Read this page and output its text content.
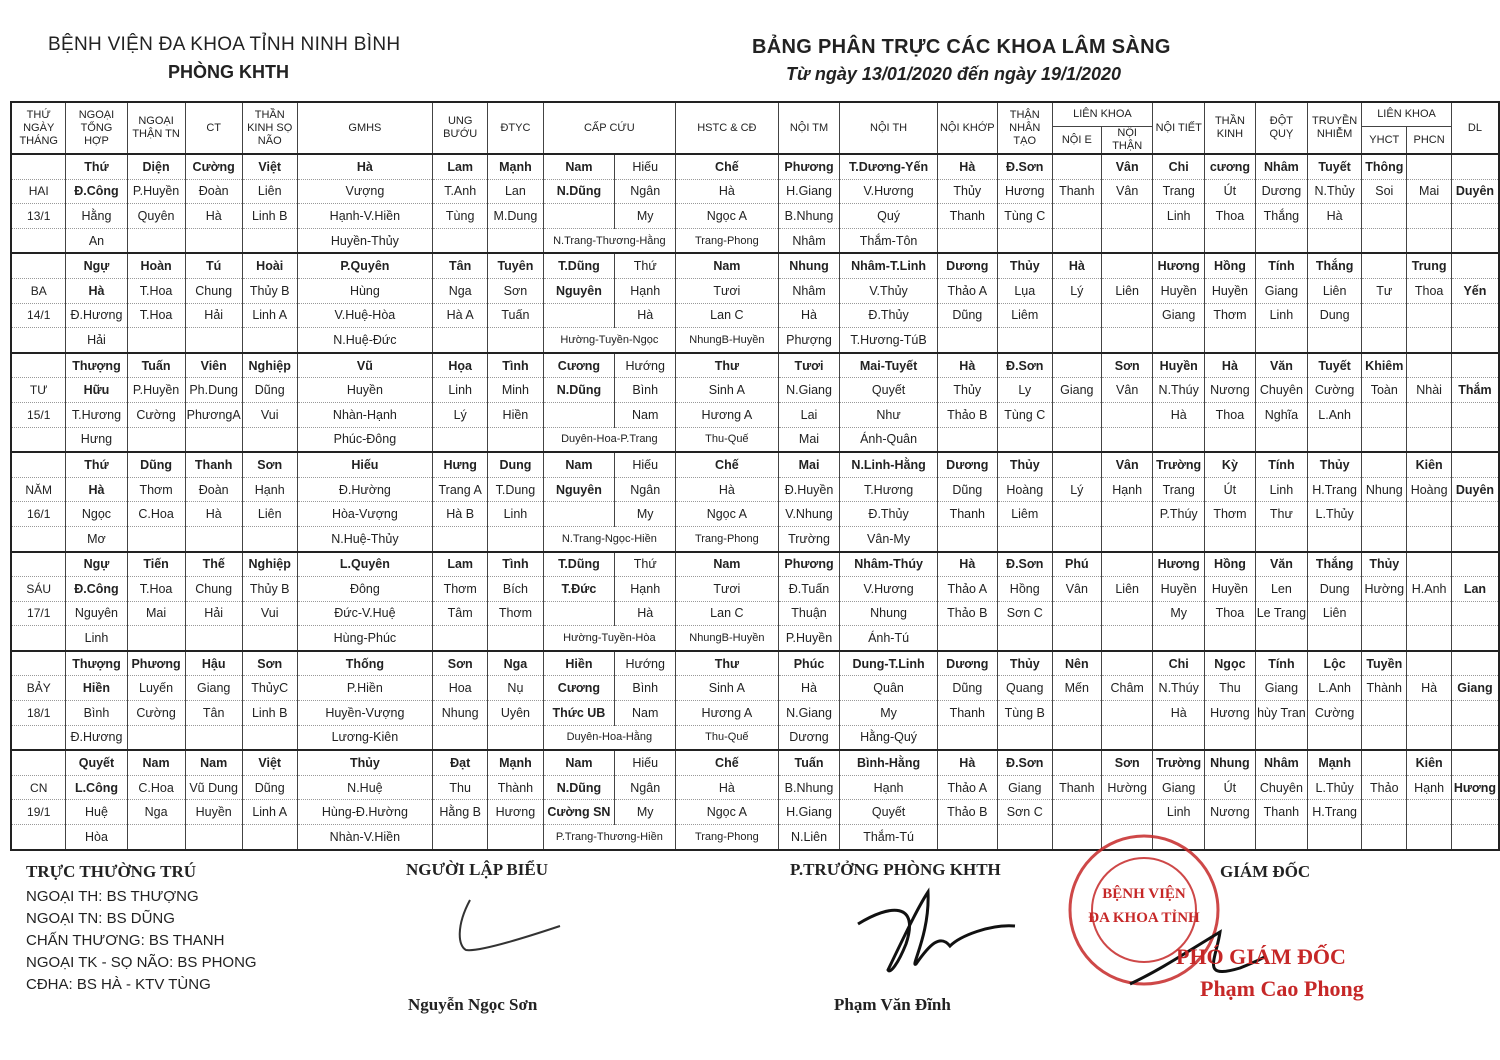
BỆNH VIỆN ĐA KHOA TỈNH NINH BÌNH
PHÒNG KHTH
BẢNG PHÂN TRỰC CÁC KHOA LÂM SÀNG
Từ ngày 13/01/2020 đến ngày 19/1/2020
THỨ NGÀY THÁNG	NGOẠI TỔNG HỢP	NGOẠI THẬN TN	CT	THẦN KINH SỌ NÃO	GMHS	UNG BƯỚU	ĐTYC	CẤP CỨU		HSTC & CĐ	NỘI TM	NỘI TH	NỘI KHỚP	THẬN NHÂN TẠO	LIÊN KHOA		NỘI TIẾT	THẦN KINH	ĐỘT QUỴ	TRUYỀN NHIỄM	LIÊN KHOA		DL
															NỘI E	NỘI THẬN					YHCT	PHCN	
	Thứ	Diện	Cường	Việt	Hà	Lam	Mạnh	Nam	Hiếu	Chế	Phương	T.Dương-Yến	Hà	Đ.Sơn		Vân	Chi	cương	Nhâm	Tuyết	Thông		
HAI	Đ.Công	P.Huyền	Đoàn	Liên	Vượng	T.Anh	Lan	N.Dũng	Ngân	Hà	H.Giang	V.Hương	Thủy	Hương	Thanh	Vân	Trang	Út	Dương	N.Thủy	Soi	Mai	Duyên
13/1	Hằng	Quyên	Hà	Linh B	Hạnh-V.Hiền	Tùng	M.Dung		My	Ngọc A	B.Nhung	Quý	Thanh	Tùng C			Linh	Thoa	Thắng	Hà			
	An				Huyền-Thủy			N.Trang-Thương-Hằng		Trang-Phong	Nhâm	Thắm-Tôn											
	Ngự	Hoàn	Tú	Hoài	P.Quyên	Tân	Tuyên	T.Dũng	Thứ	Nam	Nhung	Nhâm-T.Linh	Dương	Thủy	Hà		Hương	Hồng	Tính	Thắng		Trung	
BA	Hà	T.Hoa	Chung	Thủy B	Hùng	Nga	Sơn	Nguyên	Hạnh	Tươi	Nhâm	V.Thủy	Thảo A	Lụa	Lý	Liên	Huyền	Huyền	Giang	Liên	Tư	Thoa	Yến
14/1	Đ.Hương	T.Hoa	Hải	Linh A	V.Huệ-Hòa	Hà A	Tuấn		Hà	Lan C	Hà	Đ.Thủy	Dũng	Liêm			Giang	Thơm	Linh	Dung			
	Hải				N.Huệ-Đức			Hường-Tuyền-Ngọc		NhungB-Huyền	Phượng	T.Hương-TúB											
	Thượng	Tuấn	Viên	Nghiệp	Vũ	Họa	Tình	Cương	Hướng	Thư	Tươi	Mai-Tuyết	Hà	Đ.Sơn		Sơn	Huyền	Hà	Văn	Tuyết	Khiêm		
TƯ	Hữu	P.Huyền	Ph.Dung	Dũng	Huyền	Linh	Minh	N.Dũng	Bình	Sinh A	N.Giang	Quyết	Thủy	Ly	Giang	Vân	N.Thúy	Nương	Chuyên	Cường	Toàn	Nhài	Thắm
15/1	T.Hương	Cường	PhươngA	Vui	Nhàn-Hạnh	Lý	Hiền		Nam	Hương A	Lai	Như	Thảo B	Tùng C			Hà	Thoa	Nghĩa	L.Anh			
	Hưng				Phúc-Đông			Duyên-Hoa-P.Trang		Thu-Quế	Mai	Ánh-Quân											
	Thứ	Dũng	Thanh	Sơn	Hiếu	Hưng	Dung	Nam	Hiếu	Chế	Mai	N.Linh-Hằng	Dương	Thủy		Vân	Trường	Kỳ	Tính	Thủy		Kiên	
NĂM	Hà	Thơm	Đoàn	Hạnh	Đ.Hường	Trang A	T.Dung	Nguyên	Ngân	Hà	Đ.Huyền	T.Hương	Dũng	Hoàng	Lý	Hạnh	Trang	Út	Linh	H.Trang	Nhung	Hoàng	Duyên
16/1	Ngọc	C.Hoa	Hà	Liên	Hòa-Vượng	Hà B	Linh		My	Ngọc A	V.Nhung	Đ.Thủy	Thanh	Liêm			P.Thúy	Thơm	Thư	L.Thủy			
	Mơ				N.Huệ-Thủy			N.Trang-Ngọc-Hiền		Trang-Phong	Trường	Vân-My											
	Ngự	Tiến	Thế	Nghiệp	L.Quyên	Lam	Tình	T.Dũng	Thứ	Nam	Phương	Nhâm-Thúy	Hà	Đ.Sơn	Phú		Hương	Hồng	Văn	Thắng	Thủy		
SÁU	Đ.Công	T.Hoa	Chung	Thủy B	Đông	Thơm	Bích	T.Đức	Hạnh	Tươi	Đ.Tuấn	V.Hương	Thảo A	Hồng	Vân	Liên	Huyền	Huyền	Len	Dung	Hường	H.Anh	Lan
17/1	Nguyên	Mai	Hải	Vui	Đức-V.Huệ	Tâm	Thơm		Hà	Lan C	Thuận	Nhung	Thảo B	Sơn C			My	Thoa	Le Trang	Liên			
	Linh				Hùng-Phúc			Hường-Tuyền-Hòa		NhungB-Huyền	P.Huyền	Ánh-Tú											
	Thượng	Phương	Hậu	Sơn	Thống	Sơn	Nga	Hiền	Hướng	Thư	Phúc	Dung-T.Linh	Dương	Thủy	Nên		Chi	Ngọc	Tính	Lộc	Tuyền		
BẢY	Hiền	Luyến	Giang	ThủyC	P.Hiền	Hoa	Nụ	Cương	Bình	Sinh A	Hà	Quân	Dũng	Quang	Mến	Châm	N.Thúy	Thu	Giang	L.Anh	Thành	Hà	Giang
18/1	Bình	Cường	Tân	Linh B	Huyền-Vượng	Nhung	Uyên	Thức UB	Nam	Hương A	N.Giang	My	Thanh	Tùng B			Hà	Hương	hùy Tran	Cường			
	Đ.Hương				Lương-Kiên			Duyên-Hoa-Hằng		Thu-Quế	Dương	Hằng-Quý											
	Quyết	Nam	Nam	Việt	Thủy	Đạt	Mạnh	Nam	Hiếu	Chế	Tuấn	Bình-Hằng	Hà	Đ.Sơn		Sơn	Trường	Nhung	Nhâm	Mạnh		Kiên	
CN	L.Công	C.Hoa	Vũ Dung	Dũng	N.Huệ	Thu	Thành	N.Dũng	Ngân	Hà	B.Nhung	Hạnh	Thảo A	Giang	Thanh	Hường	Giang	Út	Chuyên	L.Thủy	Thảo	Hạnh	Hương
19/1	Huệ	Nga	Huyền	Linh A	Hùng-Đ.Hường	Hằng B	Hương	Cường SN	My	Ngọc A	H.Giang	Quyết	Thảo B	Sơn C			Linh	Nương	Thanh	H.Trang			
	Hòa				Nhàn-V.Hiền			P.Trang-Thương-Hiền		Trang-Phong	N.Liên	Thắm-Tú											
TRỰC THƯỜNG TRÚ
NGOẠI TH: BS THƯỢNG
NGOẠI TN: BS DŨNG
CHẤN THƯƠNG: BS THANH
NGOẠI TK - SỌ NÃO: BS PHONG
CĐHA: BS HÀ - KTV TÙNG
NGƯỜI LẬP BIỂU
Nguyễn Ngọc Sơn
P.TRƯỞNG PHÒNG KHTH
Phạm Văn Đĩnh
BỆNH VIỆN
ĐA KHOA TỈNH
GIÁM ĐỐC
PHÓ GIÁM ĐỐC
Phạm Cao Phong
